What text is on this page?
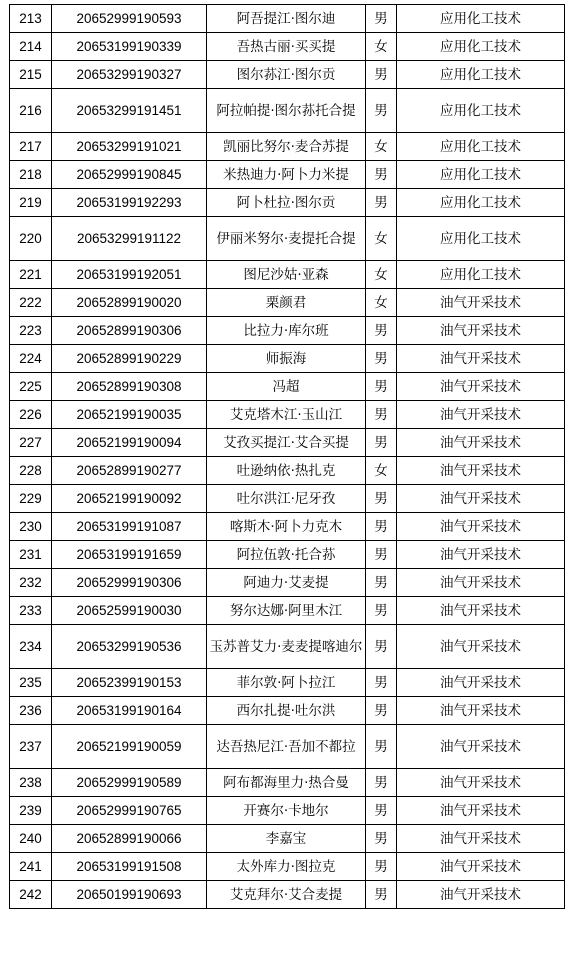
213	20652999190593	阿吾提江·图尔迪	男	应用化工技术
214	20653199190339	吾热古丽·买买提	女	应用化工技术
215	20653299190327	图尔荪江·图尔贡	男	应用化工技术
216	20653299191451	阿拉帕提·图尔荪托合提	男	应用化工技术
217	20653299191021	凯丽比努尔·麦合苏提	女	应用化工技术
218	20652999190845	米热迪力·阿卜力米提	男	应用化工技术
219	20653199192293	阿卜杜拉·图尔贡	男	应用化工技术
220	20653299191122	伊丽米努尔·麦提托合提	女	应用化工技术
221	20653199192051	图尼沙姑·亚森	女	应用化工技术
222	20652899190020	栗颜君	女	油气开采技术
223	20652899190306	比拉力·库尔班	男	油气开采技术
224	20652899190229	师振海	男	油气开采技术
225	20652899190308	冯超	男	油气开采技术
226	20652199190035	艾克塔木江·玉山江	男	油气开采技术
227	20652199190094	艾孜买提江·艾合买提	男	油气开采技术
228	20652899190277	吐逊纳依·热扎克	女	油气开采技术
229	20652199190092	吐尔洪江·尼牙孜	男	油气开采技术
230	20653199191087	喀斯木·阿卜力克木	男	油气开采技术
231	20653199191659	阿拉伍敦·托合荪	男	油气开采技术
232	20652999190306	阿迪力·艾麦提	男	油气开采技术
233	20652599190030	努尔达娜·阿里木江	男	油气开采技术
234	20653299190536	玉苏普艾力·麦麦提喀迪尔	男	油气开采技术
235	20652399190153	菲尔敦·阿卜拉江	男	油气开采技术
236	20653199190164	西尔扎提·吐尔洪	男	油气开采技术
237	20652199190059	达吾热尼江·吾加不都拉	男	油气开采技术
238	20652999190589	阿布都海里力·热合曼	男	油气开采技术
239	20652999190765	开赛尔·卡地尔	男	油气开采技术
240	20652899190066	李嘉宝	男	油气开采技术
241	20653199191508	太外库力·图拉克	男	油气开采技术
242	20650199190693	艾克拜尔·艾合麦提	男	油气开采技术
